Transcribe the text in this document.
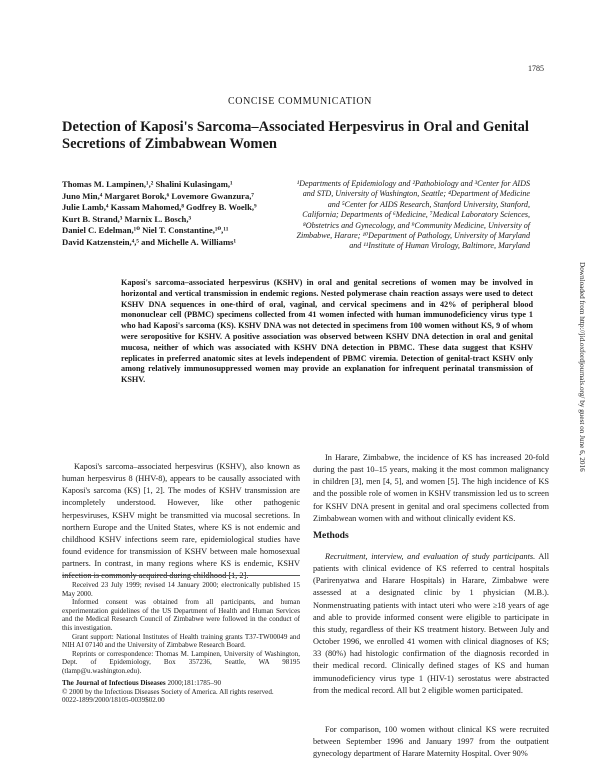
1785
CONCISE COMMUNICATION
Detection of Kaposi's Sarcoma–Associated Herpesvirus in Oral and Genital Secretions of Zimbabwean Women
Thomas M. Lampinen,¹,² Shalini Kulasingam,¹
Juno Min,⁴ Margaret Borok,⁶ Lovemore Gwanzura,⁷
Julie Lamb,⁴ Kassam Mahomed,⁸ Godfrey B. Woelk,⁹
Kurt B. Strand,³ Marnix L. Bosch,³
Daniel C. Edelman,¹⁰ Niel T. Constantine,¹⁰,¹¹
David Katzenstein,⁴,⁵ and Michelle A. Williams¹
¹Departments of Epidemiology and ²Pathobiology and ³Center for AIDS and STD, University of Washington, Seattle; ⁴Department of Medicine and ⁵Center for AIDS Research, Stanford University, Stanford, California; Departments of ⁶Medicine, ⁷Medical Laboratory Sciences, ⁸Obstetrics and Gynecology, and ⁹Community Medicine, University of Zimbabwe, Harare; ¹⁰Department of Pathology, University of Maryland and ¹¹Institute of Human Virology, Baltimore, Maryland

Kaposi's sarcoma–associated herpesvirus (KSHV) in oral and genital secretions of women may be involved in horizontal and vertical transmission in endemic regions. Nested polymerase chain reaction assays were used to detect KSHV DNA sequences in one-third of oral, vaginal, and cervical specimens and in 42% of peripheral blood mononuclear cell (PBMC) specimens collected from 41 women infected with human immunodeficiency virus type 1 who had Kaposi's sarcoma (KS). KSHV DNA was not detected in specimens from 100 women without KS, 9 of whom were seropositive for KSHV. A positive association was observed between KSHV DNA detection in oral and genital mucosa, neither of which was associated with KSHV DNA detection in PBMC. These data suggest that KSHV replicates in preferred anatomic sites at levels independent of PBMC viremia. Detection of genital-tract KSHV only among relatively immunosuppressed women may provide an explanation for infrequent perinatal transmission of KSHV.

Kaposi's sarcoma–associated herpesvirus (KSHV), also known as human herpesvirus 8 (HHV-8), appears to be causally associated with Kaposi's sarcoma (KS) [1, 2]. The modes of KSHV transmission are incompletely understood. However, like other pathogenic herpesviruses, KSHV might be transmitted via mucosal secretions. In northern Europe and the United States, where KS is not endemic and childhood KSHV infections seem rare, epidemiological studies have found evidence for transmission of KSHV between male homosexual partners. In contrast, in many regions where KS is endemic, KSHV infection is commonly acquired during childhood [1, 2].

Received 23 July 1999; revised 14 January 2000; electronically published 15 May 2000.

Informed consent was obtained from all participants, and human experimentation guidelines of the US Department of Health and Human Services and the Medical Research Council of Zimbabwe were followed in the conduct of this investigation.

Grant support: National Institutes of Health training grants T37-TW00049 and NIH AI 07140 and the University of Zimbabwe Research Board.

Reprints or correspondence: Thomas M. Lampinen, University of Washington, Dept. of Epidemiology, Box 357236, Seattle, WA 98195 (tlamp@u.washington.edu).

The Journal of Infectious Diseases 2000;181:1785–90
© 2000 by the Infectious Diseases Society of America. All rights reserved.
0022-1899/2000/18105-0039$02.00

In Harare, Zimbabwe, the incidence of KS has increased 20-fold during the past 10–15 years, making it the most common malignancy in children [3], men [4, 5], and women [5]. The high incidence of KS and the possible role of women in KSHV transmission led us to screen for KSHV DNA present in genital and oral specimens collected from Zimbabwean women with and without clinically evident KS.

Methods

Recruitment, interview, and evaluation of study participants. All patients with clinical evidence of KS referred to central hospitals (Parirenyatwa and Harare Hospitals) in Harare, Zimbabwe were assessed at a designated clinic by 1 physician (M.B.). Nonmenstruating patients with intact uteri who were ≥18 years of age and able to provide informed consent were eligible to participate in this study, regardless of their KS treatment history. Between July and October 1996, we enrolled 41 women with clinical diagnoses of KS; 33 (80%) had histologic confirmation of the diagnosis recorded in their medical record. Clinically defined stages of KS and human immunodeficiency virus type 1 (HIV-1) serostatus were abstracted from the medical record. All but 2 eligible women participated.

For comparison, 100 women without clinical KS were recruited between September 1996 and January 1997 from the outpatient gynecology department of Harare Maternity Hospital. Over 90%

Downloaded from http://jid.oxfordjournals.org/ by guest on June 6, 2016
